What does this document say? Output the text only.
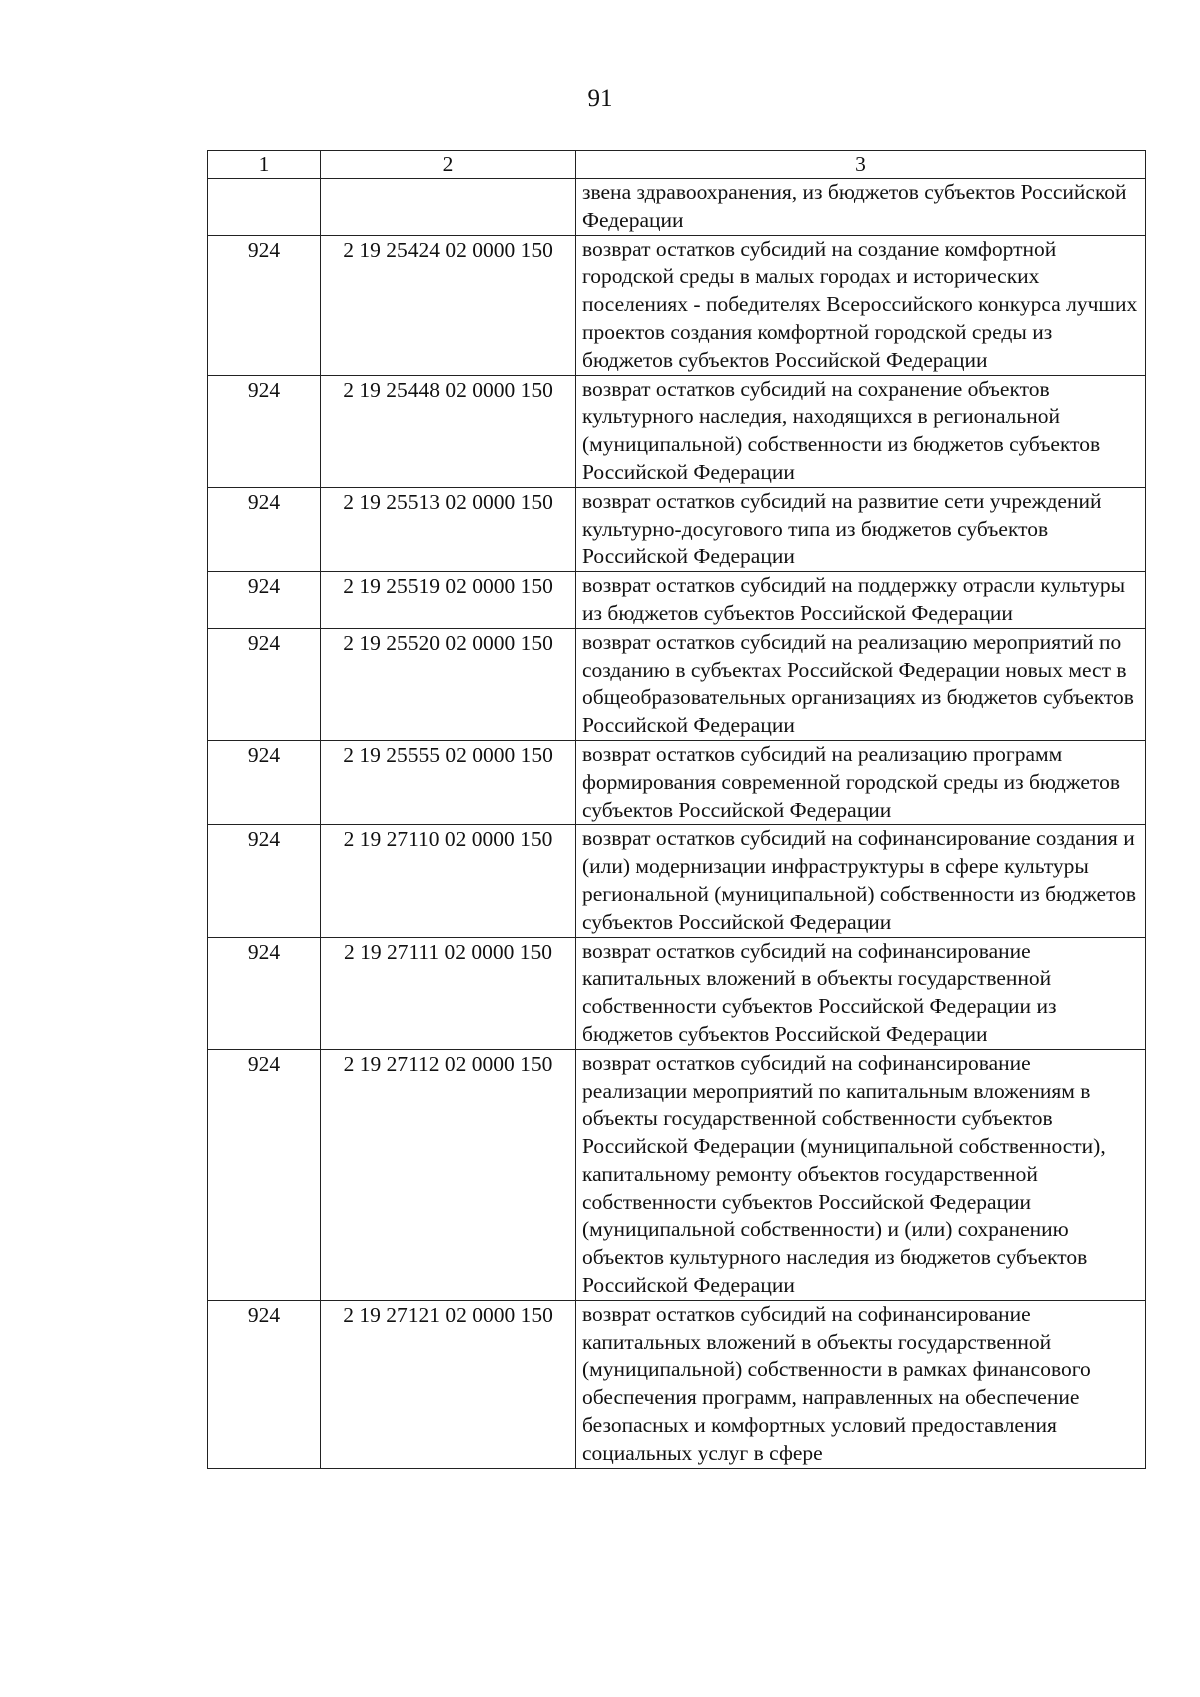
91
1	2	3
		звена здравоохранения, из бюджетов субъектов Российской Федерации
924	2 19 25424 02 0000 150	возврат остатков субсидий на создание комфортной городской среды в малых городах и исторических поселениях - победителях Всероссийского конкурса лучших проектов создания комфортной городской среды из бюджетов субъектов Российской Федерации
924	2 19 25448 02 0000 150	возврат остатков субсидий на сохранение объектов культурного наследия, находящихся в региональной (муниципальной) собственности из бюджетов субъектов Российской Федерации
924	2 19 25513 02 0000 150	возврат остатков субсидий на развитие сети учреждений культурно-досугового типа из бюджетов субъектов Российской Федерации
924	2 19 25519 02 0000 150	возврат остатков субсидий на поддержку отрасли культуры из бюджетов субъектов Российской Федерации
924	2 19 25520 02 0000 150	возврат остатков субсидий на реализацию мероприятий по созданию в субъектах Российской Федерации новых мест в общеобразовательных организациях из бюджетов субъектов Российской Федерации
924	2 19 25555 02 0000 150	возврат остатков субсидий на реализацию программ формирования современной городской среды из бюджетов субъектов Российской Федерации
924	2 19 27110 02 0000 150	возврат остатков субсидий на софинансирование создания и (или) модернизации инфраструктуры в сфере культуры региональной (муниципальной) собственности из бюджетов субъектов Российской Федерации
924	2 19 27111 02 0000 150	возврат остатков субсидий на софинансирование капитальных вложений в объекты государственной собственности субъектов Российской Федерации из бюджетов субъектов Российской Федерации
924	2 19 27112 02 0000 150	возврат остатков субсидий на софинансирование реализации мероприятий по капитальным вложениям в объекты государственной собственности субъектов Российской Федерации (муниципальной собственности), капитальному ремонту объектов государственной собственности субъектов Российской Федерации (муниципальной собственности) и (или) сохранению объектов культурного наследия из бюджетов субъектов Российской Федерации
924	2 19 27121 02 0000 150	возврат остатков субсидий на софинансирование капитальных вложений в объекты государственной (муниципальной) собственности в рамках финансового обеспечения программ, направленных на обеспечение безопасных и комфортных условий предоставления социальных услуг в сфере
